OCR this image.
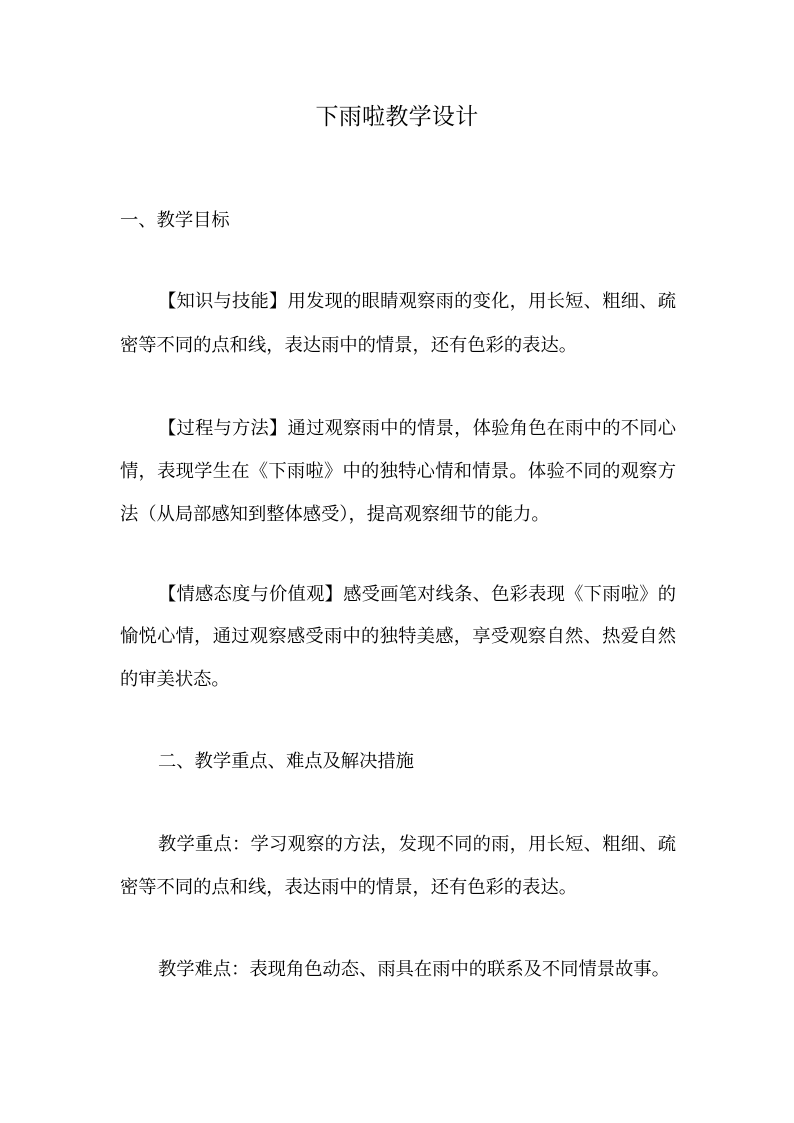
下雨啦教学设计
一、教学目标
【知识与技能】用发现的眼睛观察雨的变化，用长短、粗细、疏
密等不同的点和线，表达雨中的情景，还有色彩的表达。
【过程与方法】通过观察雨中的情景，体验角色在雨中的不同心
情，表现学生在《下雨啦》中的独特心情和情景。体验不同的观察方
法（从局部感知到整体感受），提高观察细节的能力。
【情感态度与价值观】感受画笔对线条、色彩表现《下雨啦》的
愉悦心情，通过观察感受雨中的独特美感，享受观察自然、热爱自然
的审美状态。
二、教学重点、难点及解决措施
教学重点：学习观察的方法，发现不同的雨，用长短、粗细、疏
密等不同的点和线，表达雨中的情景，还有色彩的表达。
教学难点：表现角色动态、雨具在雨中的联系及不同情景故事。
